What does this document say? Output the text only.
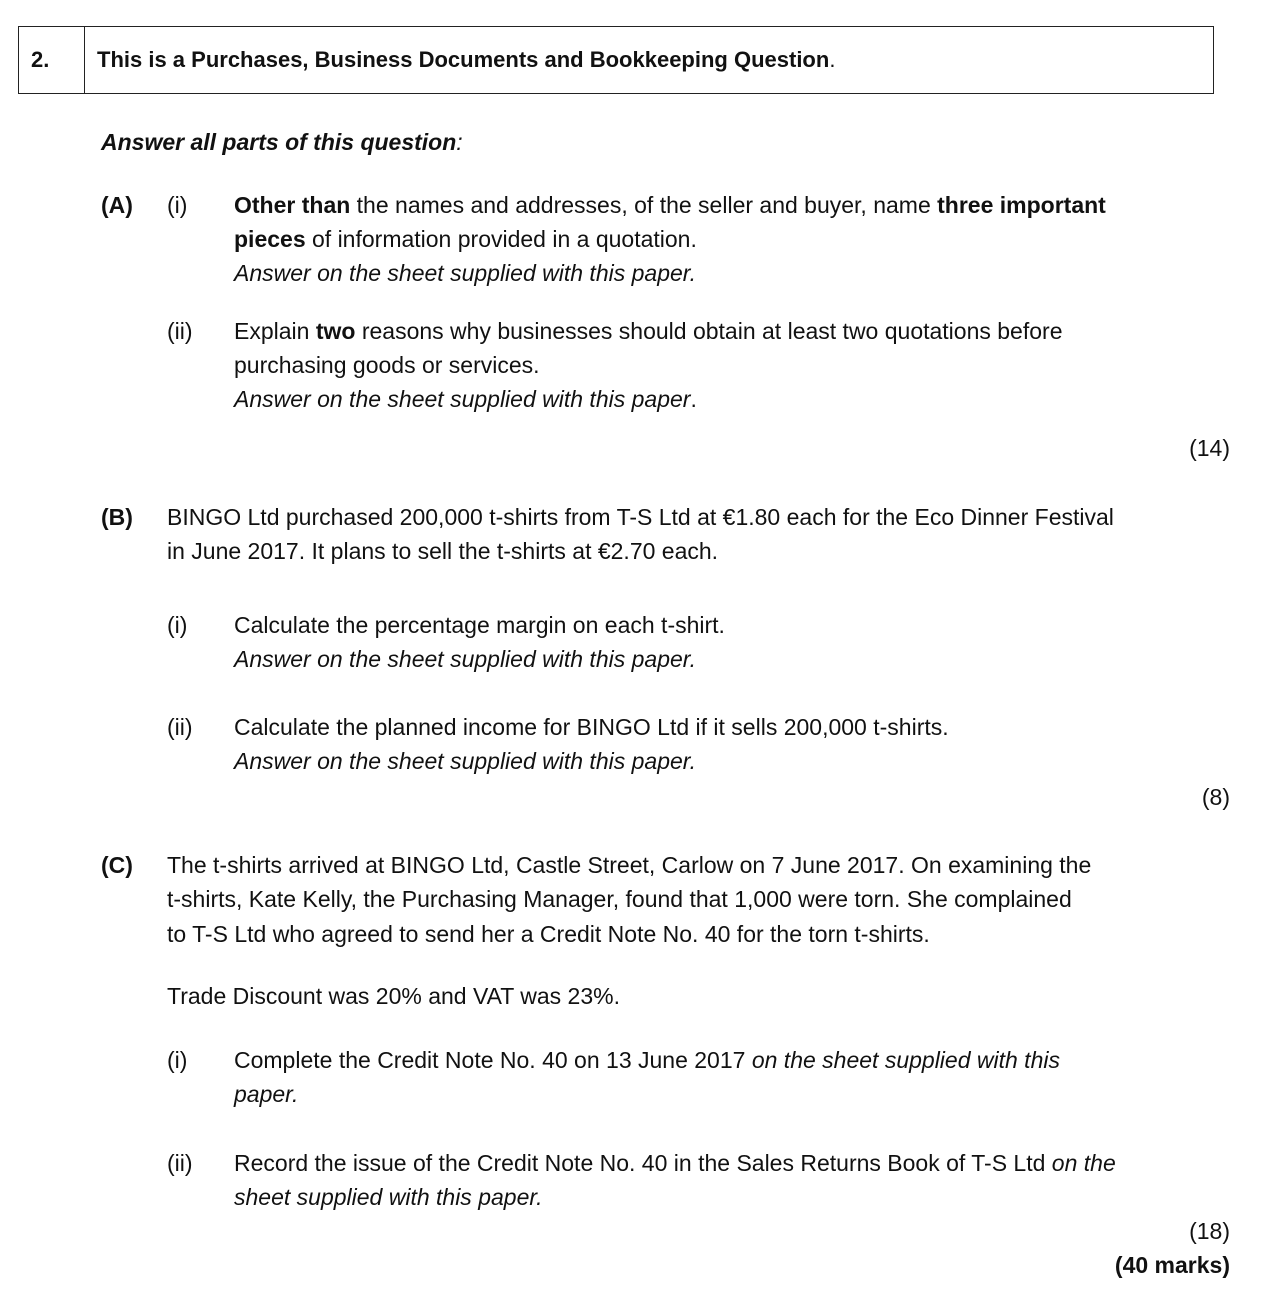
2.	This is a Purchases, Business Documents and Bookkeeping Question .
Answer all parts of this question:
(A) (i) Other than the names and addresses, of the seller and buyer, name three important
pieces of information provided in a quotation.
Answer on the sheet supplied with this paper.
(ii) Explain two reasons why businesses should obtain at least two quotations before
purchasing goods or services.
Answer on the sheet supplied with this paper.
(14)
(B) BINGO Ltd purchased 200,000 t-shirts from T-S Ltd at €1.80 each for the Eco Dinner Festival
in June 2017. It plans to sell the t-shirts at €2.70 each.
(i) Calculate the percentage margin on each t-shirt.
Answer on the sheet supplied with this paper.
(ii) Calculate the planned income for BINGO Ltd if it sells 200,000 t-shirts.
Answer on the sheet supplied with this paper.
(8)
(C) The t-shirts arrived at BINGO Ltd, Castle Street, Carlow on 7 June 2017. On examining the
t-shirts, Kate Kelly, the Purchasing Manager, found that 1,000 were torn. She complained
to T-S Ltd who agreed to send her a Credit Note No. 40 for the torn t-shirts.
Trade Discount was 20% and VAT was 23%.
(i) Complete the Credit Note No. 40 on 13 June 2017 on the sheet supplied with this
paper.
(ii) Record the issue of the Credit Note No. 40 in the Sales Returns Book of T-S Ltd on the
sheet supplied with this paper.
(18)
(40 marks)
